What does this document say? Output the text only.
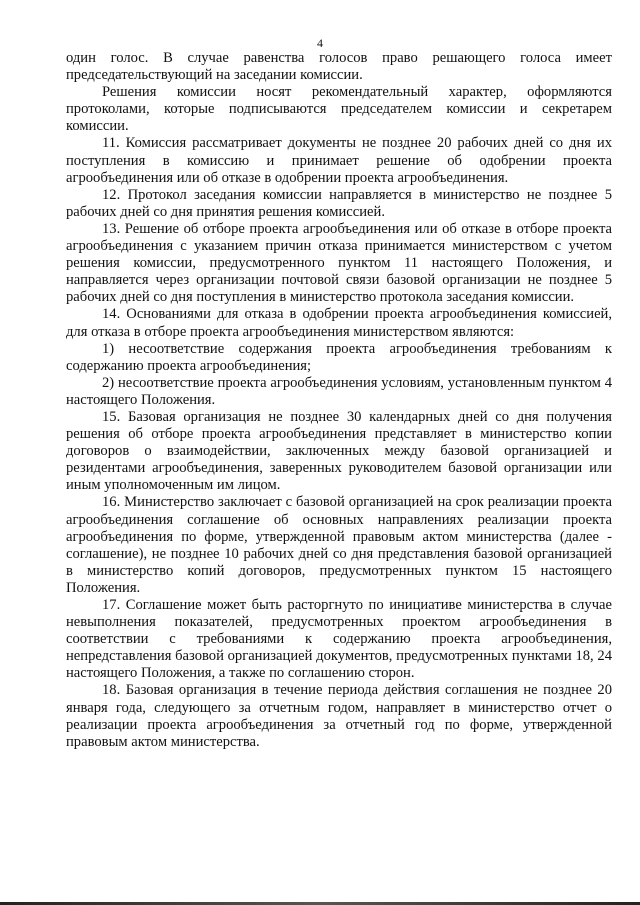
4

один голос. В случае равенства голосов право решающего голоса имеет председательствующий на заседании комиссии.

Решения комиссии носят рекомендательный характер, оформляются протоколами, которые подписываются председателем комиссии и секретарем комиссии.

11. Комиссия рассматривает документы не позднее 20 рабочих дней со дня их поступления в комиссию и принимает решение об одобрении проекта агрообъединения или об отказе в одобрении проекта агрообъединения.

12. Протокол заседания комиссии направляется в министерство не позднее 5 рабочих дней со дня принятия решения комиссией.

13. Решение об отборе проекта агрообъединения или об отказе в отборе проекта агрообъединения с указанием причин отказа принимается министерством с учетом решения комиссии, предусмотренного пунктом 11 настоящего Положения, и направляется через организации почтовой связи базовой организации не позднее 5 рабочих дней со дня поступления в министерство протокола заседания комиссии.

14. Основаниями для отказа в одобрении проекта агрообъединения комиссией, для отказа в отборе проекта агрообъединения министерством являются:

1) несоответствие содержания проекта агрообъединения требованиям к содержанию проекта агрообъединения;

2) несоответствие проекта агрообъединения условиям, установленным пунктом 4 настоящего Положения.

15. Базовая организация не позднее 30 календарных дней со дня получения решения об отборе проекта агрообъединения представляет в министерство копии договоров о взаимодействии, заключенных между базовой организацией и резидентами агрообъединения, заверенных руководителем базовой организации или иным уполномоченным им лицом.

16. Министерство заключает с базовой организацией на срок реализации проекта агрообъединения соглашение об основных направлениях реализации проекта агрообъединения по форме, утвержденной правовым актом министерства (далее - соглашение), не позднее 10 рабочих дней со дня представления базовой организацией в министерство копий договоров, предусмотренных пунктом 15 настоящего Положения.

17. Соглашение может быть расторгнуто по инициативе министерства в случае невыполнения показателей, предусмотренных проектом агрообъединения в соответствии с требованиями к содержанию проекта агрообъединения, непредставления базовой организацией документов, предусмотренных пунктами 18, 24 настоящего Положения, а также по соглашению сторон.

18. Базовая организация в течение периода действия соглашения не позднее 20 января года, следующего за отчетным годом, направляет в министерство отчет о реализации проекта агрообъединения за отчетный год по форме, утвержденной правовым актом министерства.
